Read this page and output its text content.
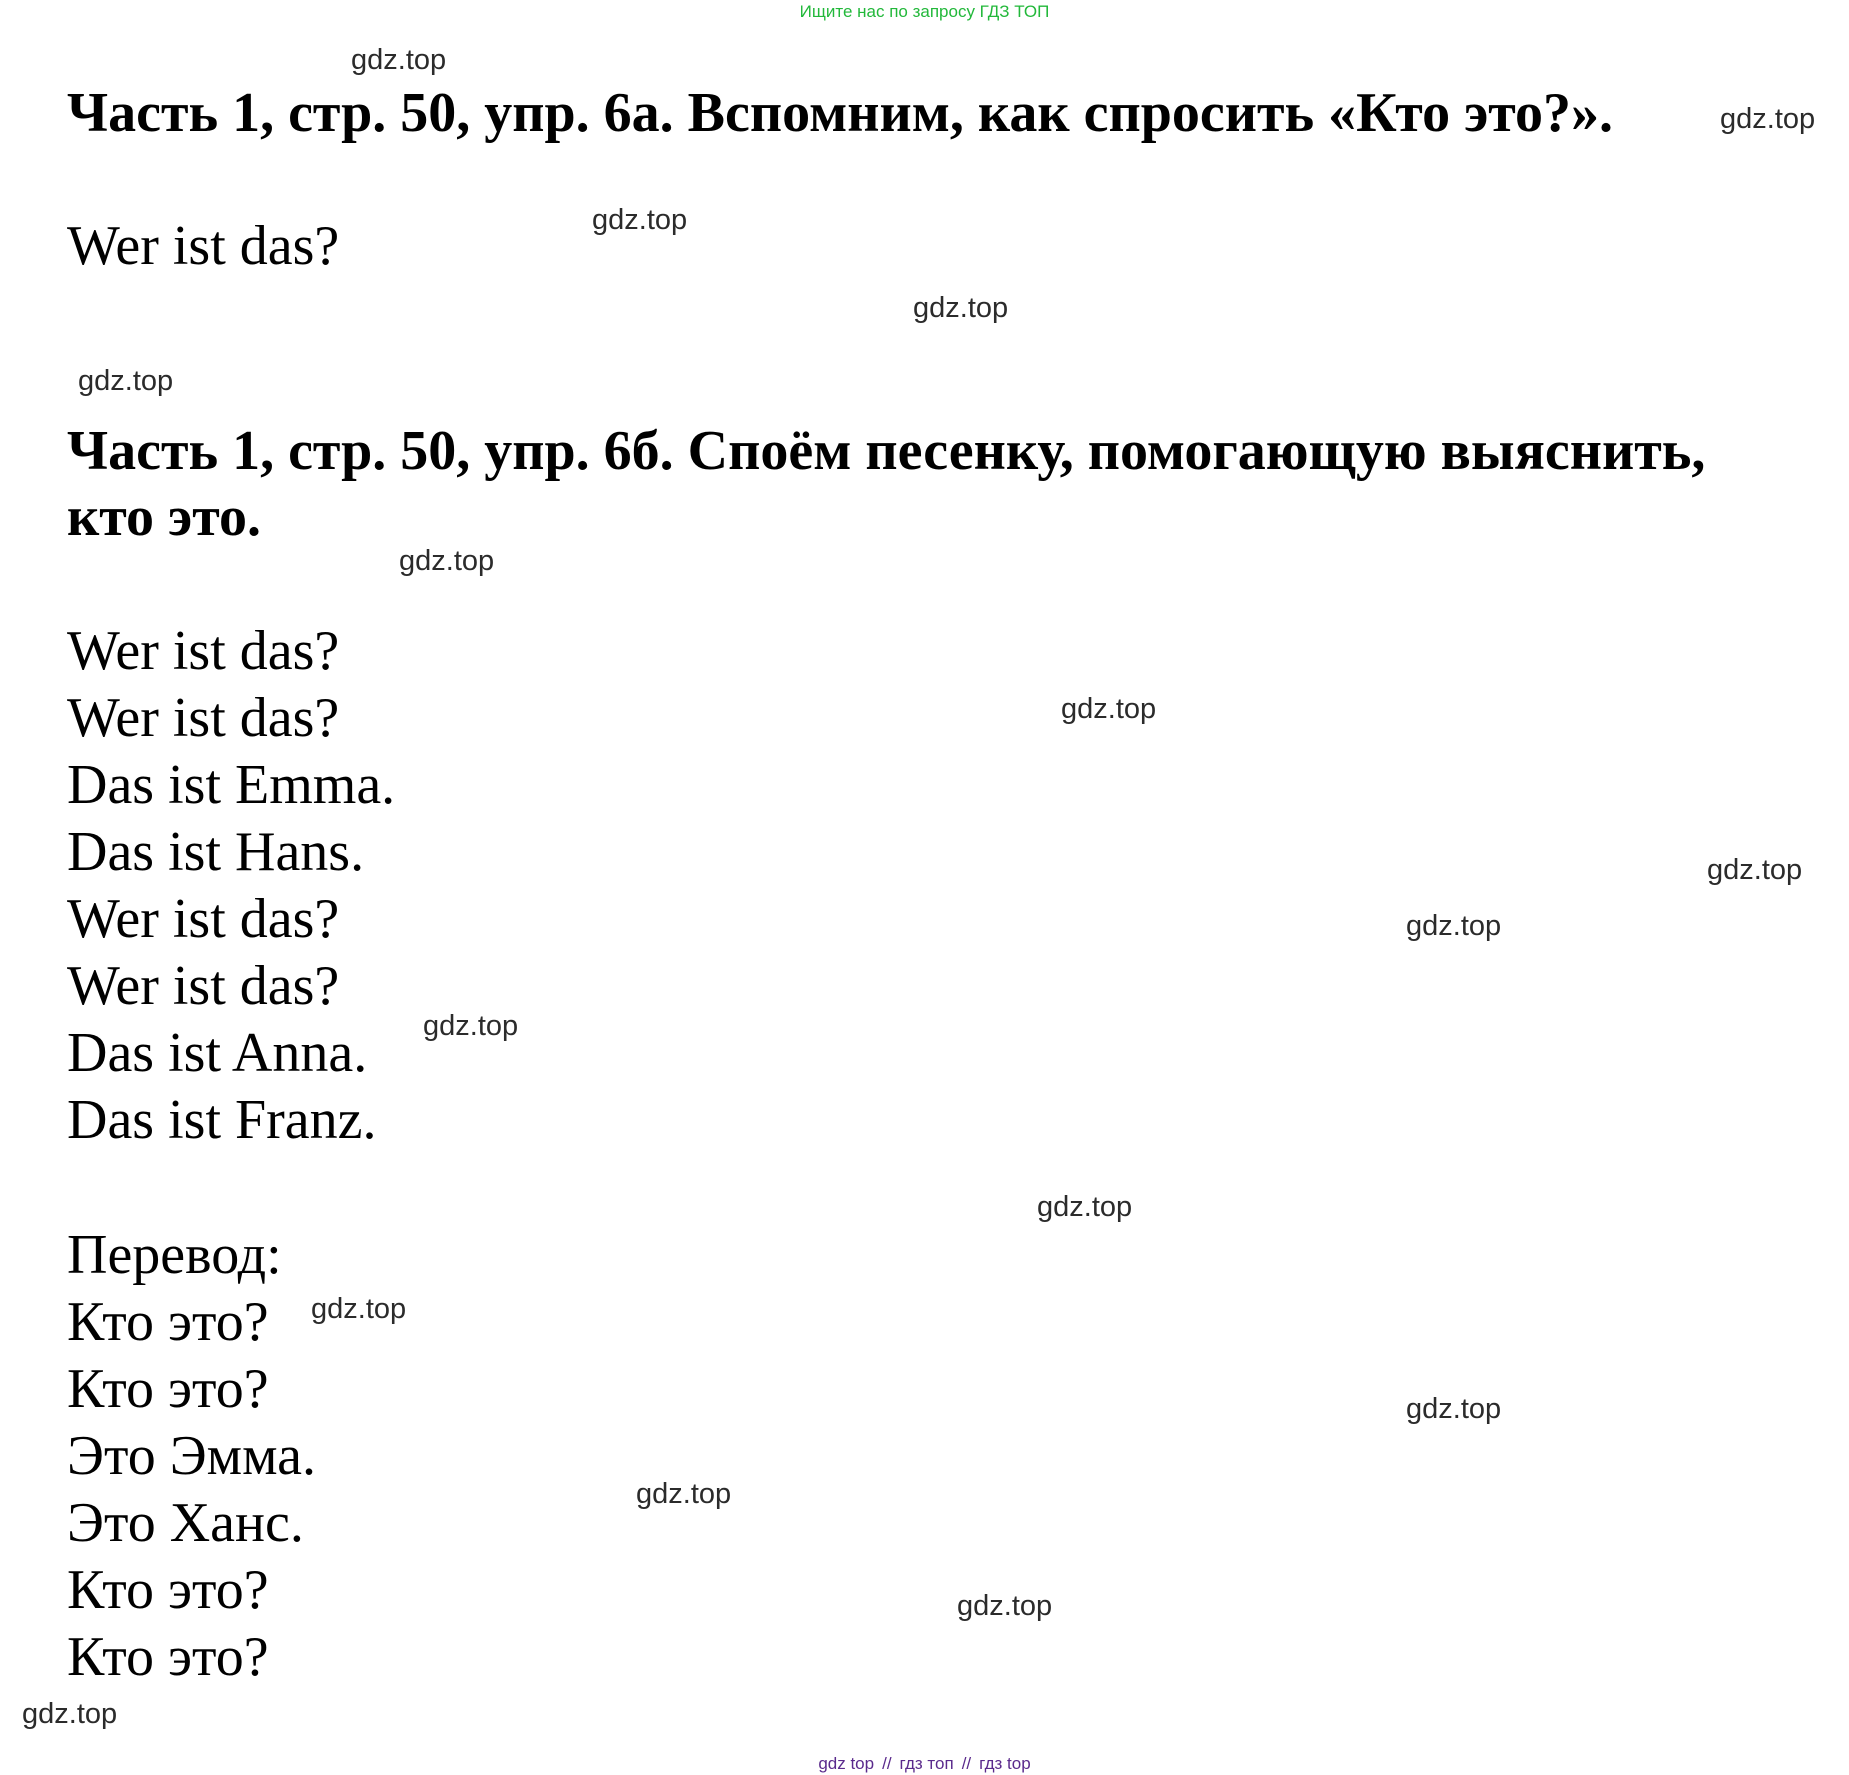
Ищите нас по запросу ГДЗ ТОП
Часть 1, стр. 50, упр. 6а. Вспомним, как спросить «Кто это?».

Wer ist das?

Часть 1, стр. 50, упр. 6б. Споём песенку, помогающую выяснить,
кто это.

Wer ist das?

Wer ist das?

Das ist Emma.

Das ist Hans.

Wer ist das?

Wer ist das?

Das ist Anna.

Das ist Franz.

Перевод:

Кто это?

Кто это?

Это Эмма.

Это Ханс.

Кто это?

Кто это?

gdz.top
gdz.top
gdz.top
gdz.top
gdz.top
gdz.top
gdz.top
gdz.top
gdz.top
gdz.top
gdz.top
gdz.top
gdz.top
gdz.top
gdz.top
gdz.top
gdz top // гдз топ // гдз top
